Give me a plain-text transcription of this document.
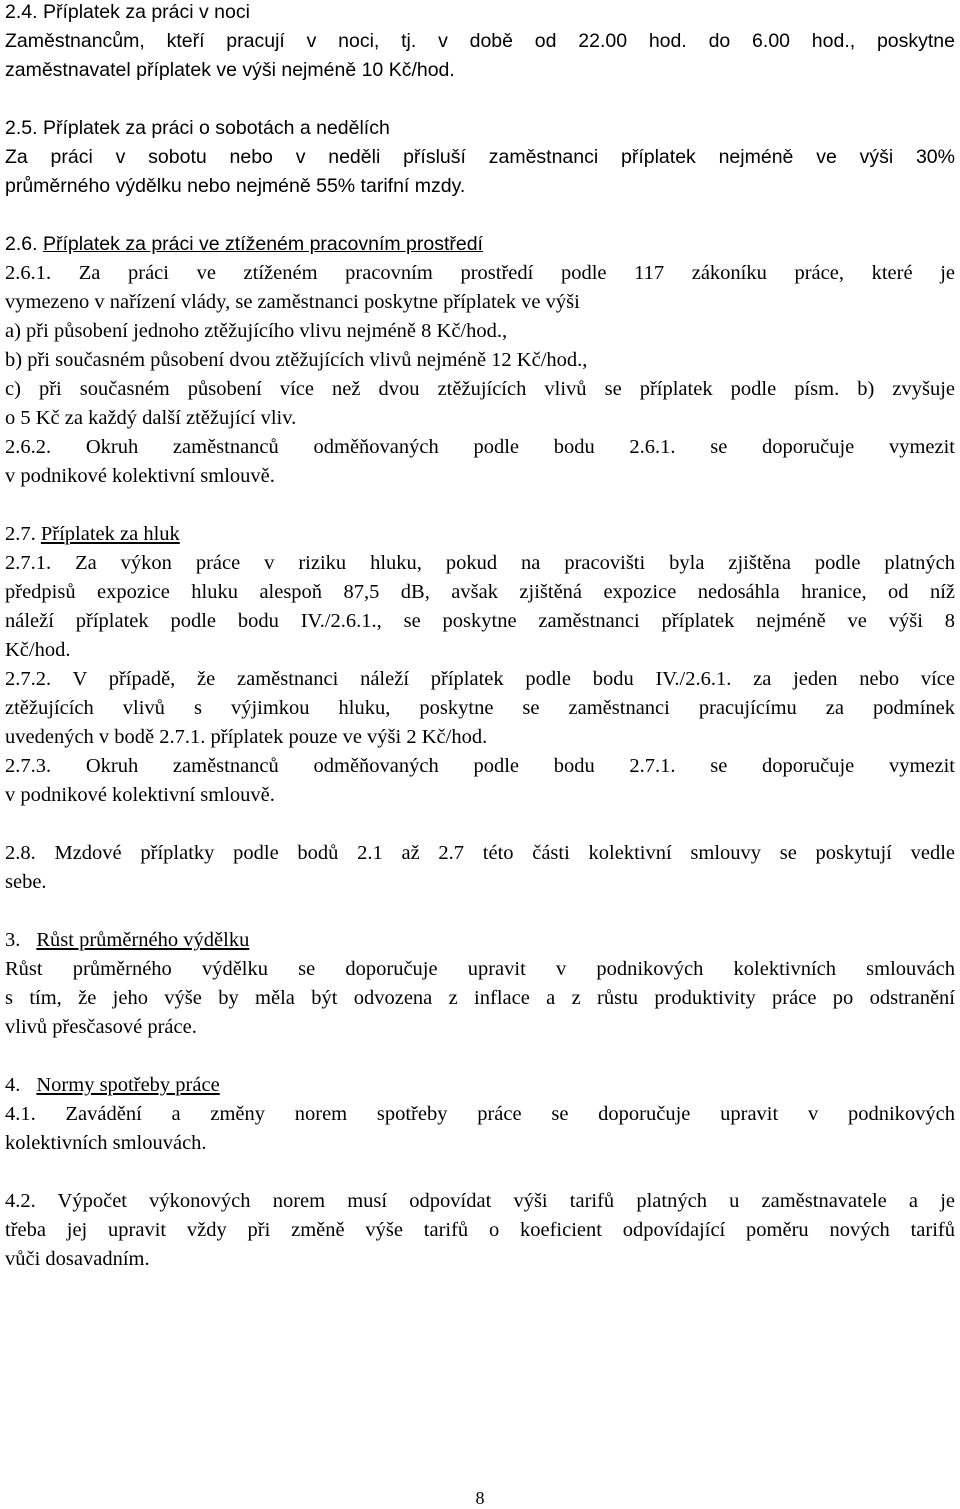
2.4. Příplatek za práci v noci
Zaměstnancům, kteří pracují v noci, tj. v době od 22.00 hod. do 6.00 hod., poskytne
zaměstnavatel příplatek ve výši nejméně 10 Kč/hod.
2.5. Příplatek za práci o sobotách a nedělích
Za práci v sobotu nebo v neděli přísluší zaměstnanci příplatek nejméně ve výši 30%
průměrného výdělku nebo nejméně 55% tarifní mzdy.
2.6. Příplatek za práci ve ztíženém pracovním prostředí
2.6.1. Za práci ve ztíženém pracovním prostředí podle 117 zákoníku práce, které je
vymezeno v nařízení vlády, se zaměstnanci poskytne příplatek ve výši
a) při působení jednoho ztěžujícího vlivu nejméně 8 Kč/hod.,
b) při současném působení dvou ztěžujících vlivů nejméně 12 Kč/hod.,
c) při současném působení více než dvou ztěžujících vlivů se příplatek podle písm. b) zvyšuje
o 5 Kč za každý další ztěžující vliv.
2.6.2. Okruh zaměstnanců odměňovaných podle bodu 2.6.1. se doporučuje vymezit
v podnikové kolektivní smlouvě.
2.7. Příplatek za hluk
2.7.1. Za výkon práce v riziku hluku, pokud na pracovišti byla zjištěna podle platných
předpisů expozice hluku alespoň 87,5 dB, avšak zjištěná expozice nedosáhla hranice, od níž
náleží příplatek podle bodu IV./2.6.1., se poskytne zaměstnanci příplatek nejméně ve výši 8
Kč/hod.
2.7.2. V případě, že zaměstnanci náleží příplatek podle bodu IV./2.6.1. za jeden nebo více
ztěžujících vlivů s výjimkou hluku, poskytne se zaměstnanci pracujícímu za podmínek
uvedených v bodě 2.7.1. příplatek pouze ve výši 2 Kč/hod.
2.7.3. Okruh zaměstnanců odměňovaných podle bodu 2.7.1. se doporučuje vymezit
v podnikové kolektivní smlouvě.
2.8. Mzdové příplatky podle bodů 2.1 až 2.7 této části kolektivní smlouvy se poskytují vedle
sebe.
3. Růst průměrného výdělku
Růst průměrného výdělku se doporučuje upravit v podnikových kolektivních smlouvách
s tím, že jeho výše by měla být odvozena z inflace a z růstu produktivity práce po odstranění
vlivů přesčasové práce.
4. Normy spotřeby práce
4.1. Zavádění a změny norem spotřeby práce se doporučuje upravit v podnikových
kolektivních smlouvách.
4.2. Výpočet výkonových norem musí odpovídat výši tarifů platných u zaměstnavatele a je
třeba jej upravit vždy při změně výše tarifů o koeficient odpovídající poměru nových tarifů
vůči dosavadním.
8
